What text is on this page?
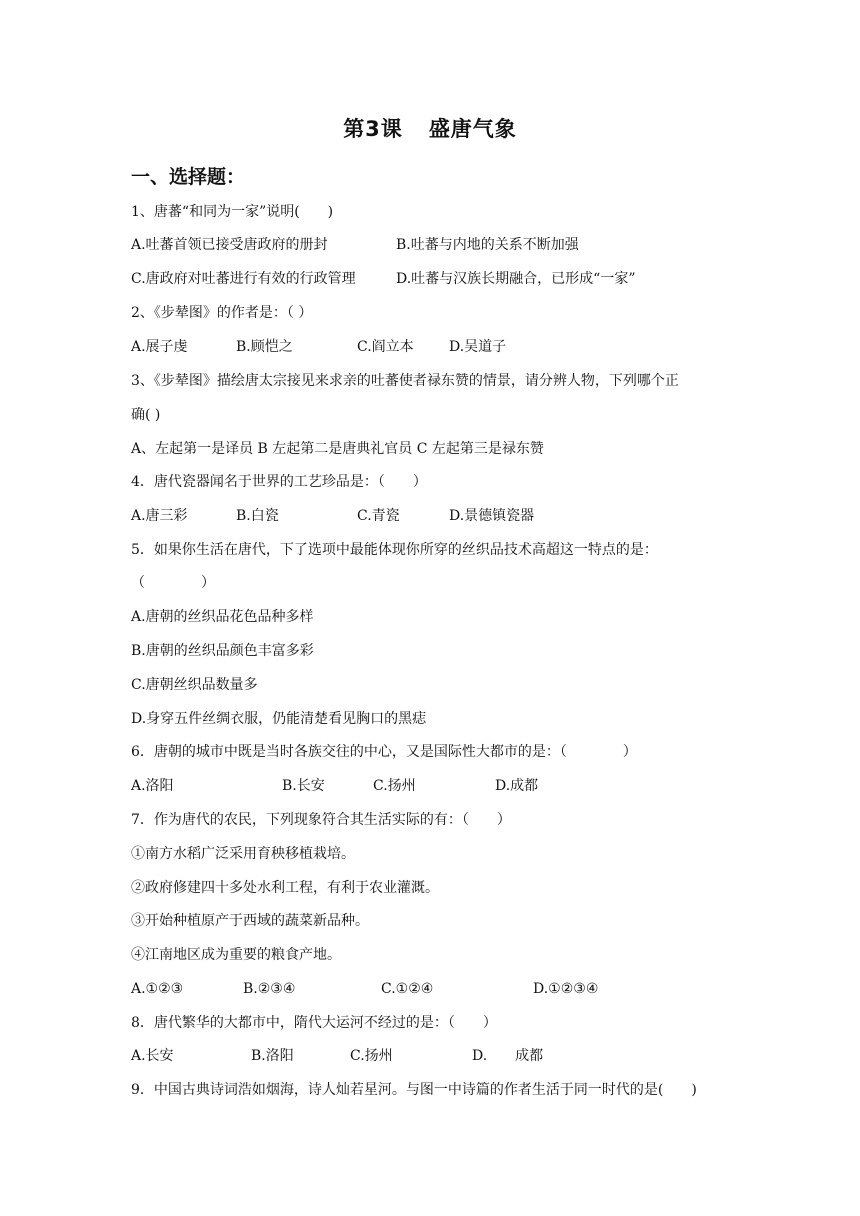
第3课 盛唐气象
一、选择题：
1、唐蕃“和同为一家”说明(　　)
A.吐蕃首领已接受唐政府的册封	B.吐蕃与内地的关系不断加强
C.唐政府对吐蕃进行有效的行政管理	D.吐蕃与汉族长期融合，已形成“一家”
2、《步辇图》的作者是：（ ）
A.展子虔	B.顾恺之	C.阎立本	D.吴道子
3、《步辇图》描绘唐太宗接见来求亲的吐蕃使者禄东赞的情景，请分辨人物，下列哪个正
确( )
A、左起第一是译员 B 左起第二是唐典礼官员 C 左起第三是禄东赞
4．唐代瓷器闻名于世界的工艺珍品是：（　　）
A.唐三彩	B.白瓷	C.青瓷	D.景德镇瓷器
5．如果你生活在唐代，下了选项中最能体现你所穿的丝织品技术高超这一特点的是：
（　　　　）
A.唐朝的丝织品花色品种多样
B.唐朝的丝织品颜色丰富多彩
C.唐朝丝织品数量多
D.身穿五件丝绸衣服，仍能清楚看见胸口的黑痣
6．唐朝的城市中既是当时各族交往的中心，又是国际性大都市的是：（　　　　）
A.洛阳	B.长安	C.扬州	D.成都
7．作为唐代的农民，下列现象符合其生活实际的有：（　　）
①南方水稻广泛采用育秧移植栽培。
②政府修建四十多处水利工程，有利于农业灌溉。
③开始种植原产于西域的蔬菜新品种。
④江南地区成为重要的粮食产地。
A.①②③	B.②③④	C.①②④	D.①②③④
8．唐代繁华的大都市中，隋代大运河不经过的是：（　　）
A.长安	B.洛阳	C.扬州	D.　　成都
9．中国古典诗词浩如烟海，诗人灿若星河。与图一中诗篇的作者生活于同一时代的是(　　)
